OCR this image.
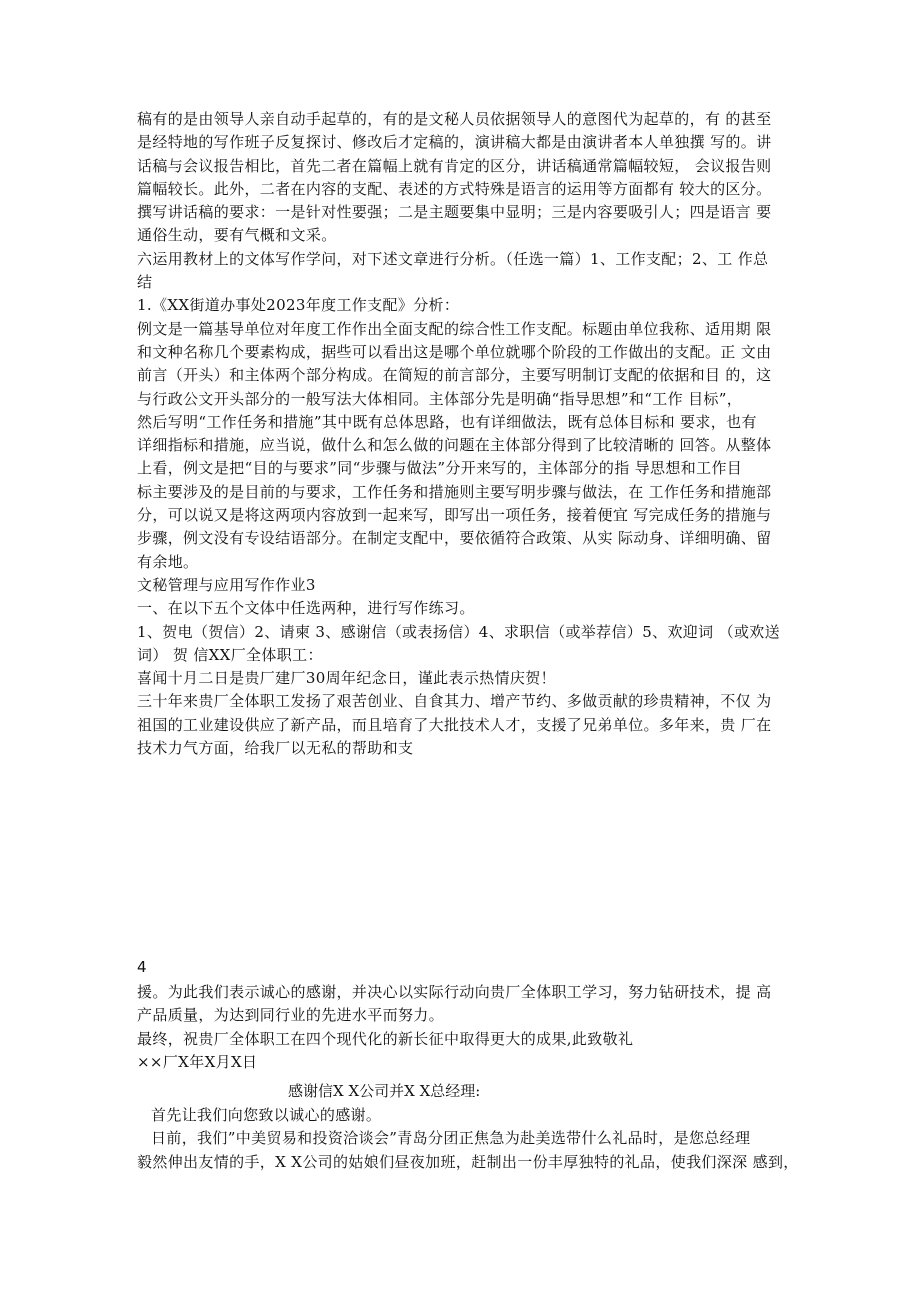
稿有的是由领导人亲自动手起草的，有的是文秘人员依据领导人的意图代为起草的，有 的甚至
是经特地的写作班子反复探讨、修改后才定稿的，演讲稿大都是由演讲者本人单独撰 写的。讲
话稿与会议报告相比，首先二者在篇幅上就有肯定的区分，讲话稿通常篇幅较短， 会议报告则
篇幅较长。此外，二者在内容的支配、表述的方式特殊是语言的运用等方面都有 较大的区分。
撰写讲话稿的要求：一是针对性要强；二是主题要集中显明；三是内容要吸引人；四是语言 要
通俗生动，要有气概和文采。
六运用教材上的文体写作学问，对下述文章进行分析。（任选一篇）1、工作支配；2、工 作总
结
1.《XX街道办事处2023年度工作支配》分析：
例文是一篇基导单位对年度工作作出全面支配的综合性工作支配。标题由单位我称、适用期 限
和文种名称几个要素构成，据些可以看出这是哪个单位就哪个阶段的工作做出的支配。正 文由
前言（开头）和主体两个部分构成。在简短的前言部分，主要写明制订支配的依据和目 的，这
与行政公文开头部分的一般写法大体相同。主体部分先是明确“指导思想”和“工作 目标”，
然后写明“工作任务和措施”其中既有总体思路，也有详细做法，既有总体目标和 要求，也有
详细指标和措施，应当说，做什么和怎么做的问题在主体部分得到了比较清晰的 回答。从整体
上看，例文是把“目的与要求”同“步骤与做法”分开来写的，主体部分的指 导思想和工作目
标主要涉及的是目前的与要求，工作任务和措施则主要写明步骤与做法，在 工作任务和措施部
分，可以说又是将这两项内容放到一起来写，即写出一项任务，接着便宜 写完成任务的措施与
步骤，例文没有专设结语部分。在制定支配中，要依循符合政策、从实 际动身、详细明确、留
有余地。
文秘管理与应用写作作业3
一、在以下五个文体中任选两种，进行写作练习。
1、贺电（贺信）2、请柬 3、感谢信（或表扬信）4、求职信（或举荐信）5、欢迎词 （或欢送
词） 贺 信XX厂全体职工：
喜闻十月二日是贵厂建厂30周年纪念日，谨此表示热情庆贺！
三十年来贵厂全体职工发扬了艰苦创业、自食其力、增产节约、多做贡献的珍贵精神，不仅 为
祖国的工业建设供应了新产品，而且培育了大批技术人才，支援了兄弟单位。多年来，贵 厂在
技术力气方面，给我厂以无私的帮助和支
4
援。为此我们表示诚心的感谢，并决心以实际行动向贵厂全体职工学习，努力钻研技术，提 高
产品质量，为达到同行业的先进水平而努力。
最终，祝贵厂全体职工在四个现代化的新长征中取得更大的成果,此致敬礼
××厂X年X月X日
感谢信X X公司并X X总经理:
首先让我们向您致以诚心的感谢。
日前，我们”中美贸易和投资洽谈会”青岛分团正焦急为赴美选带什么礼品时，是您总经理
毅然伸出友情的手，X X公司的姑娘们昼夜加班，赶制出一份丰厚独特的礼品，使我们深深 感到，
